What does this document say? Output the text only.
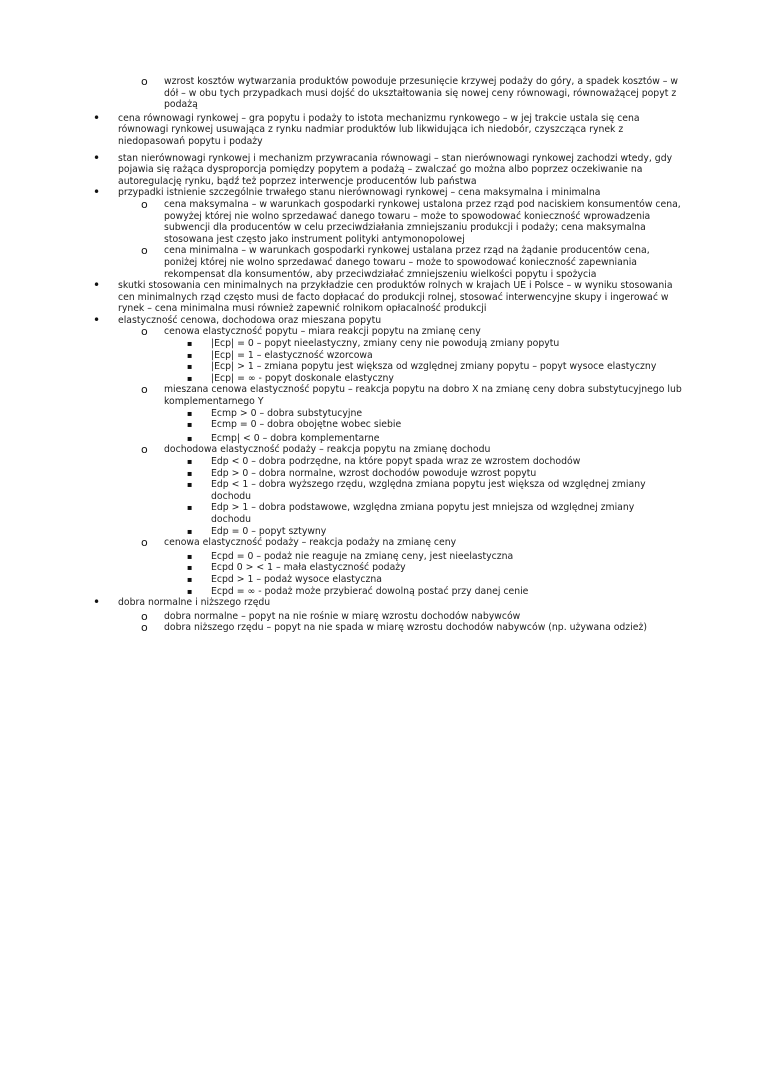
o wzrost kosztów wytwarzania produktów powoduje przesunięcie krzywej podaży do góry, a spadek kosztów – w dół – w obu tych przypadkach musi dojść do ukształtowania się nowej ceny równowagi, równoważącej popyt z podażą
• cena równowagi rynkowej – gra popytu i podaży to istota mechanizmu rynkowego – w jej trakcie ustala się cena równowagi rynkowej usuwająca z rynku nadmiar produktów lub likwidująca ich niedobór, czyszcząca rynek z niedopasowań popytu i podaży
• stan nierównowagi rynkowej i mechanizm przywracania równowagi – stan nierównowagi rynkowej zachodzi wtedy, gdy pojawia się rażąca dysproporcja pomiędzy popytem a podażą – zwalczać go można albo poprzez oczekiwanie na autoregulację rynku, bądź też poprzez interwencje producentów lub państwa
• przypadki istnienie szczególnie trwałego stanu nierównowagi rynkowej – cena maksymalna i minimalna
o cena maksymalna – w warunkach gospodarki rynkowej ustalona przez rząd pod naciskiem konsumentów cena, powyżej której nie wolno sprzedawać danego towaru – może to spowodować konieczność wprowadzenia subwencji dla producentów w celu przeciwdziałania zmniejszaniu produkcji i podaży; cena maksymalna stosowana jest często jako instrument polityki antymonopolowej
o cena minimalna – w warunkach gospodarki rynkowej ustalana przez rząd na żądanie producentów cena, poniżej której nie wolno sprzedawać danego towaru – może to spowodować konieczność zapewniania rekompensat dla konsumentów, aby przeciwdziałać zmniejszeniu wielkości popytu i spożycia
• skutki stosowania cen minimalnych na przykładzie cen produktów rolnych w krajach UE i Polsce – w wyniku stosowania cen minimalnych rząd często musi de facto dopłacać do produkcji rolnej, stosować interwencyjne skupy i ingerować w rynek – cena minimalna musi również zapewnić rolnikom opłacalność produkcji
• elastyczność cenowa, dochodowa oraz mieszana popytu
o cenowa elastyczność popytu – miara reakcji popytu na zmianę ceny
▪ |Ecp| = 0 – popyt nieelastyczny, zmiany ceny nie powodują zmiany popytu
▪ |Ecp| = 1 – elastyczność wzorcowa
▪ |Ecp| > 1 – zmiana popytu jest większa od względnej zmiany popytu – popyt wysoce elastyczny
▪ |Ecp| = ∞ - popyt doskonale elastyczny
o mieszana cenowa elastyczność popytu – reakcja popytu na dobro X na zmianę ceny dobra substytucyjnego lub komplementarnego Y
▪ Ecmp > 0 – dobra substytucyjne
▪ Ecmp = 0 – dobra obojętne wobec siebie
▪ Ecmp| < 0 – dobra komplementarne
o dochodowa elastyczność podaży – reakcja popytu na zmianę dochodu
▪ Edp < 0 – dobra podrzędne, na które popyt spada wraz ze wzrostem dochodów
▪ Edp > 0 – dobra normalne, wzrost dochodów powoduje wzrost popytu
▪ Edp < 1 – dobra wyższego rzędu, względna zmiana popytu jest większa od względnej zmiany dochodu
▪ Edp > 1 – dobra podstawowe, względna zmiana popytu jest mniejsza od względnej zmiany dochodu
▪ Edp = 0 – popyt sztywny
o cenowa elastyczność podaży – reakcja podaży na zmianę ceny
▪ Ecpd = 0 – podaż nie reaguje na zmianę ceny, jest nieelastyczna
▪ Ecpd 0 > < 1 – mała elastyczność podaży
▪ Ecpd > 1 – podaż wysoce elastyczna
▪ Ecpd = ∞ - podaż może przybierać dowolną postać przy danej cenie
• dobra normalne i niższego rzędu
o dobra normalne – popyt na nie rośnie w miarę wzrostu dochodów nabywców
o dobra niższego rzędu – popyt na nie spada w miarę wzrostu dochodów nabywców (np. używana odzież)
